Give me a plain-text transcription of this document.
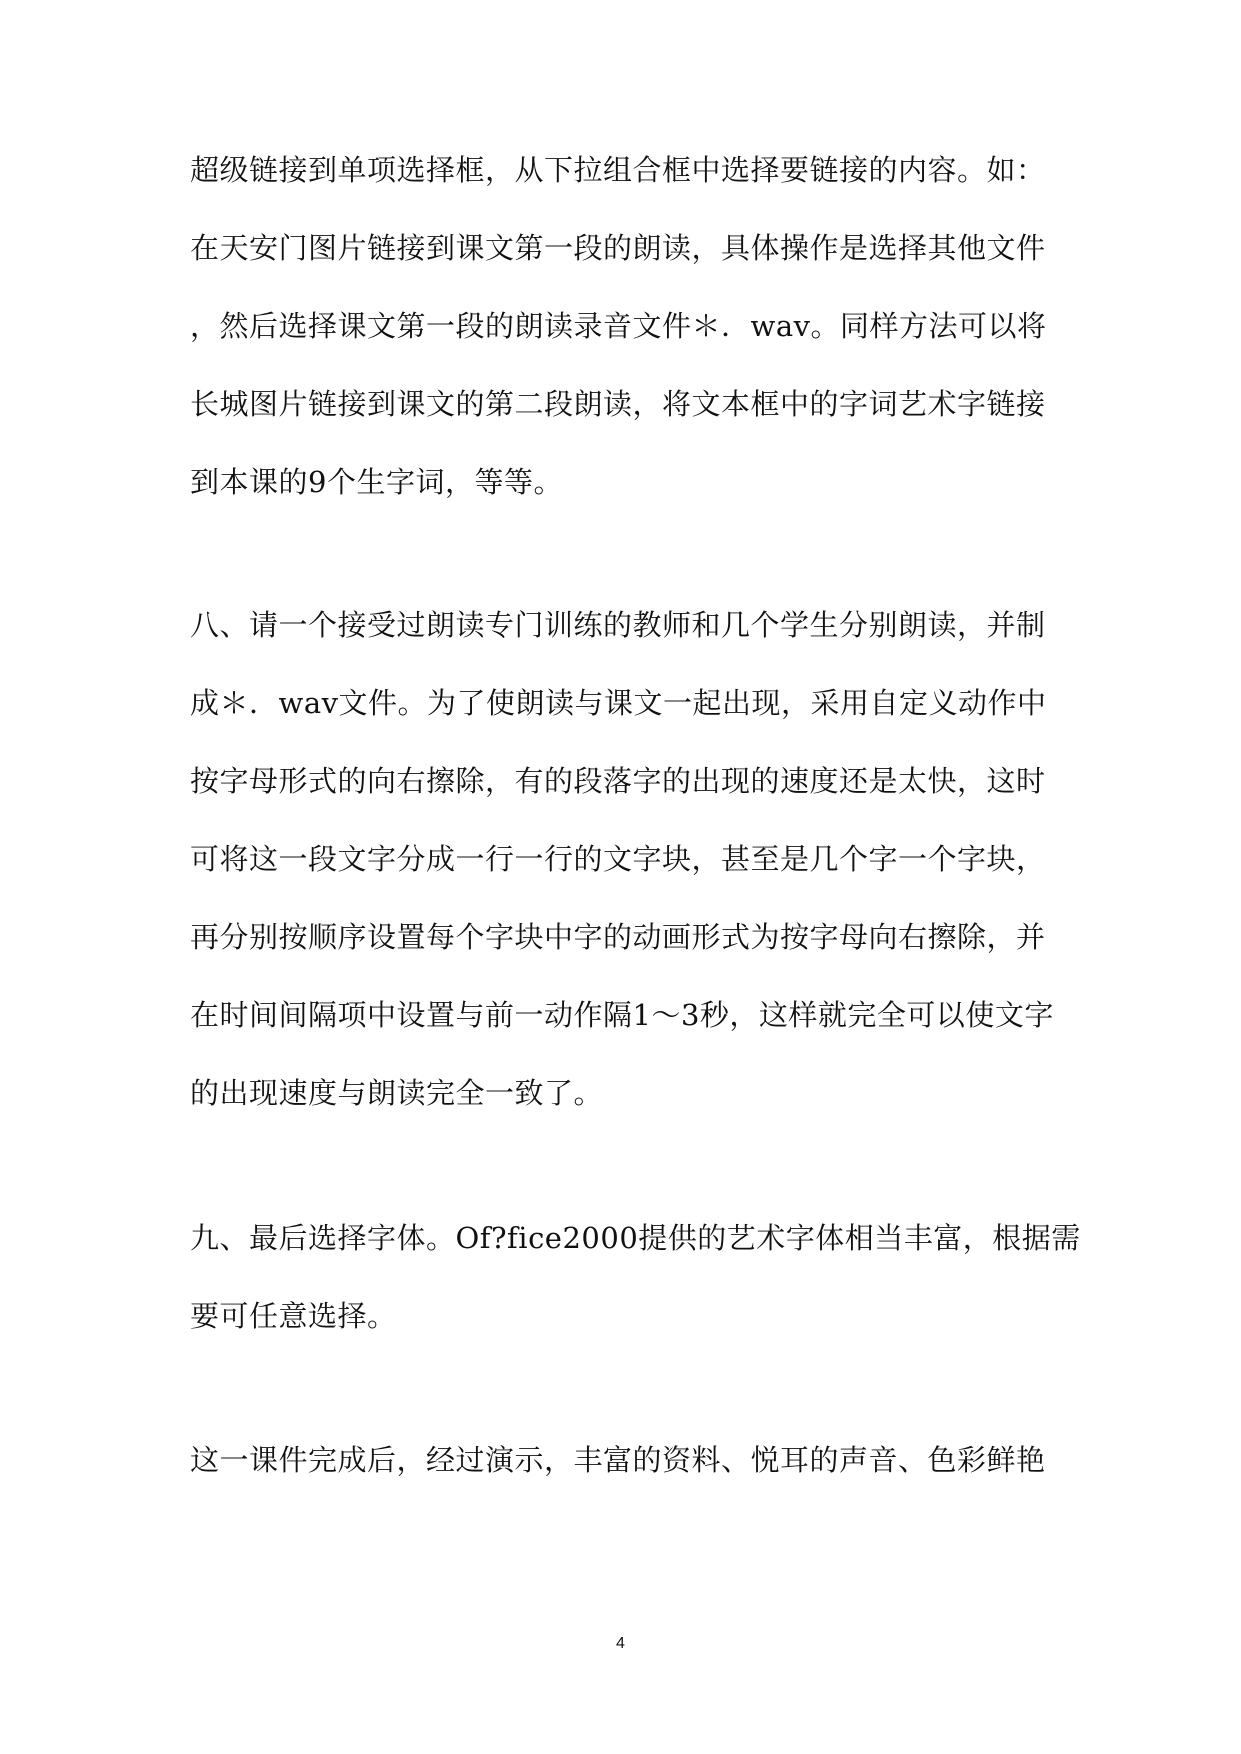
超级链接到单项选择框，从下拉组合框中选择要链接的内容。如：
在天安门图片链接到课文第一段的朗读，具体操作是选择其他文件
，然后选择课文第一段的朗读录音文件＊．wav。同样方法可以将
长城图片链接到课文的第二段朗读，将文本框中的字词艺术字链接
到本课的9个生字词，等等。
八、请一个接受过朗读专门训练的教师和几个学生分别朗读，并制
成＊．wav文件。为了使朗读与课文一起出现，采用自定义动作中
按字母形式的向右擦除，有的段落字的出现的速度还是太快，这时
可将这一段文字分成一行一行的文字块，甚至是几个字一个字块，
再分别按顺序设置每个字块中字的动画形式为按字母向右擦除，并
在时间间隔项中设置与前一动作隔1～3秒，这样就完全可以使文字
的出现速度与朗读完全一致了。
九、最后选择字体。Of?fice2000提供的艺术字体相当丰富，根据需
要可任意选择。
这一课件完成后，经过演示，丰富的资料、悦耳的声音、色彩鲜艳
4
